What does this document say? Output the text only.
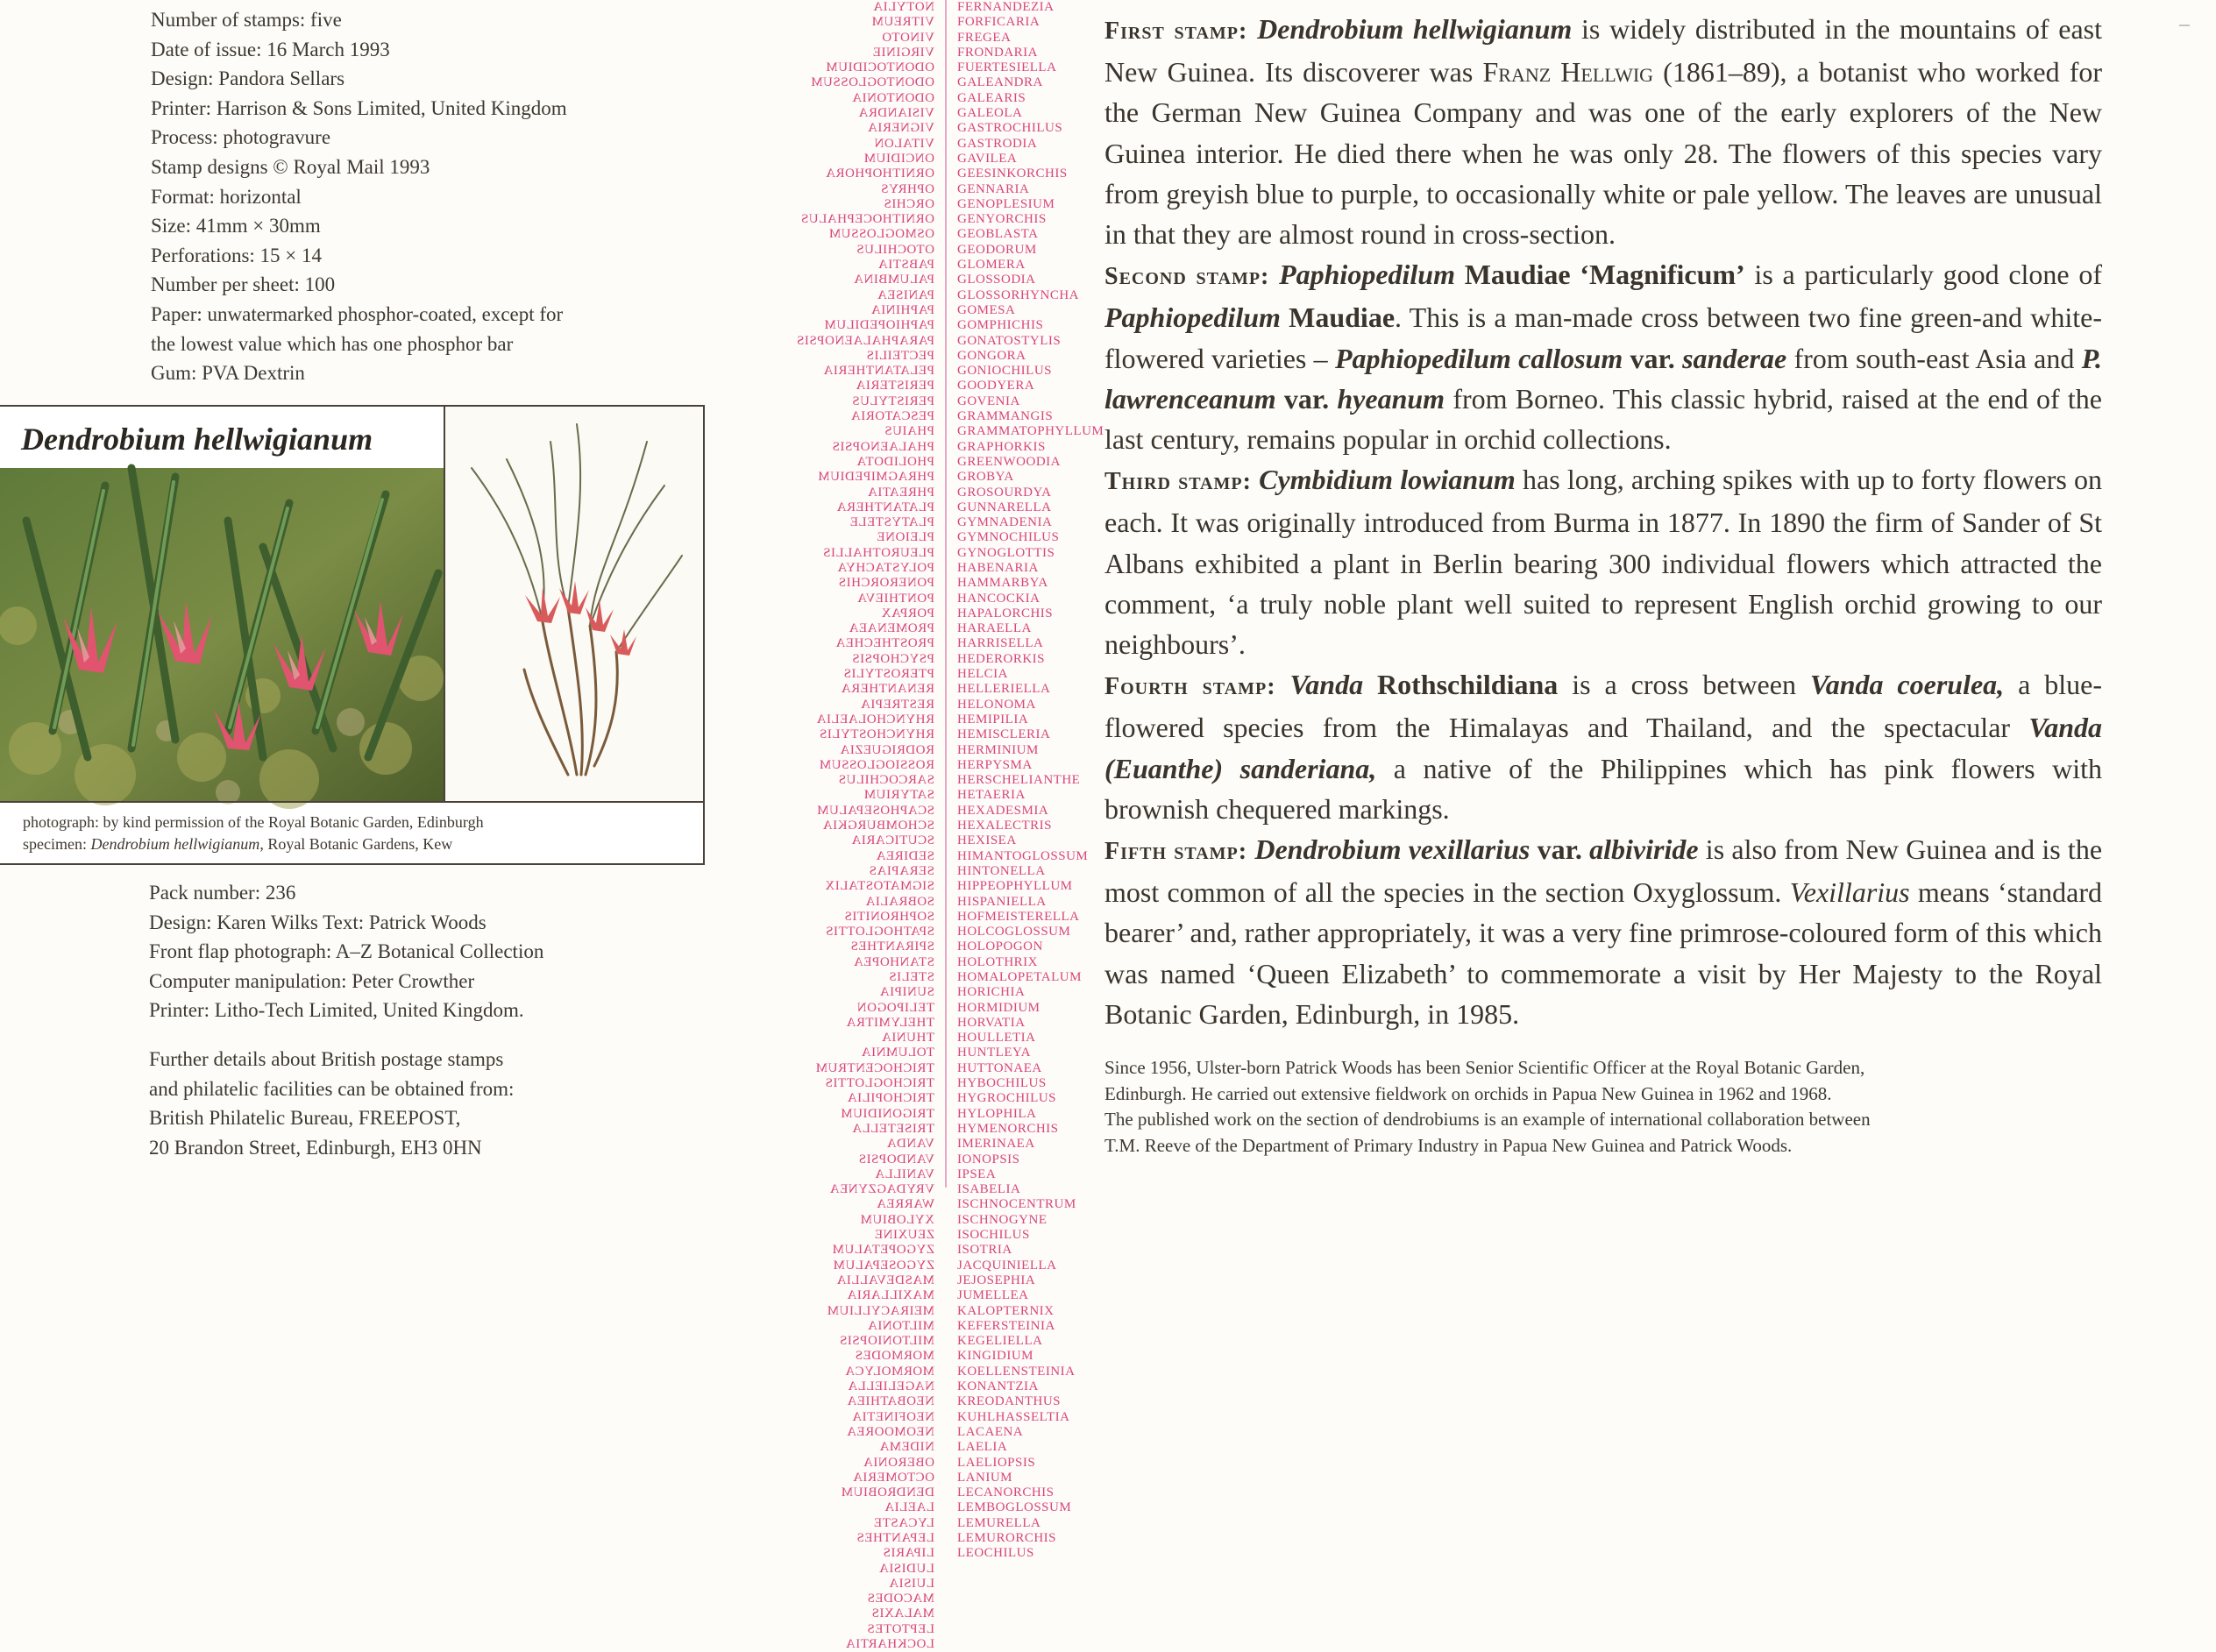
Number of stamps: five
Date of issue: 16 March 1993
Design: Pandora Sellars
Printer: Harrison & Sons Limited, United Kingdom
Process: photogravure
Stamp designs © Royal Mail 1993
Format: horizontal
Size: 41mm × 30mm
Perforations: 15 × 14
Number per sheet: 100
Paper: unwatermarked phosphor-coated, except for
the lowest value which has one phosphor bar
Gum: PVA Dextrin
Dendrobium hellwigianum
photograph: by kind permission of the Royal Botanic Garden, Edinburgh
specimen: Dendrobium hellwigianum, Royal Botanic Gardens, Kew
Pack number: 236
Design: Karen Wilks Text: Patrick Woods
Front flap photograph: A–Z Botanical Collection
Computer manipulation: Peter Crowther
Printer: Litho-Tech Limited, United Kingdom.
Further details about British postage stamps
and philatelic facilities can be obtained from:
British Philatelic Bureau, FREEPOST,
20 Brandon Street, Edinburgh, EH3 0HN
NOTYLIA
VITREUM
VINOTO
VIRGINIE
ODONTOCIDIUM
ODONTOGLOSSUM
ODONTONIA
VISIANDRA
VIGNERIA
VITALON
ONCIDIUM
ORNITHOPHORA
OPHRYS
ORCHIS
ORNITHOCEPHALUS
OSMOGLOSSUM
OTOCHILUS
PABSTIA
PALUMBINA
PANISEA
PAPHINIA
PAPHIOPEDILUM
PARAPHALAENOPSIS
PECTEILIS
PELATANTHERIA
PERISTERIA
PERISTYLUS
PESCATORIA
PHAIUS
PHALAENOPSIS
PHOLIDOTA
PHRAGMIPEDIUM
PHREATIA
PLATANTHERA
PLATYSTELE
PLEIONE
PLEUROTHALLIS
POLYSTACHYA
PONERORCHIS
PONTHIEVA
PORPAX
PROMENAEA
PROSTHECHEA
PSYCHOPSIS
PTEROSTYLIS
RENANTHERA
RESTREPIA
RHYNCHOLAELIA
RHYNCHOSTYLIS
RODRIGUEZIA
ROSSIOGLOSSUM
SARCOCHILUS
SATYRIUM
SCAPHOSEPALUM
SCHOMBURGKIA
SCUTICARIA
SEDIREA
SERAPIAS
SIGMATOSTALIX
SOBRALIA
SOPHRONITIS
SPATHOGLOTTIS
SPIRANTHES
STANHOPEA
STELIS
SUNIPIA
TELIPOGON
THELYMITRA
THUNIA
TOLUMNIA
TRICHOCENTRUM
TRICHOGLOTTIS
TRICHOPILIA
TRIGONIDIUM
TRISETELLA
VANDA
VANDOPSIS
VANILLA
VRYDAGZYNEA
WARREA
XYLOBIUM
ZEUXINE
ZYGOPETALUM
ZYGOSEPALUM
MASDEVALLIA
MAXILLARIA
MEIRACYLLIUM
MILTONIA
MILTONIOPSIS
MORMODES
MORMOLYCA
NAGELIELLA
NEOBATHIEA
NEOFINETIA
NEOMOOREA
NIDEMA
OBERONIA
OCTOMERIA
DENDROBIUM
LAELIA
LYCASTE
LEPANTHES
LIPARIS
LUDISIA
LUISIA
MACODES
MALAXIS
LEPTOTES
LOCKHARTIA
FERNANDEZIA
FORFICARIA
FREGEA
FRONDARIA
FUERTESIELLA
GALEANDRA
GALEARIS
GALEOLA
GASTROCHILUS
GASTRODIA
GAVILEA
GEESINKORCHIS
GENNARIA
GENOPLESIUM
GENYORCHIS
GEOBLASTA
GEODORUM
GLOMERA
GLOSSODIA
GLOSSORHYNCHA
GOMESA
GOMPHICHIS
GONATOSTYLIS
GONGORA
GONIOCHILUS
GOODYERA
GOVENIA
GRAMMANGIS
GRAMMATOPHYLLUM
GRAPHORKIS
GREENWOODIA
GROBYA
GROSOURDYA
GUNNARELLA
GYMNADENIA
GYMNOCHILUS
GYNOGLOTTIS
HABENARIA
HAMMARBYA
HANCOCKIA
HAPALORCHIS
HARAELLA
HARRISELLA
HEDERORKIS
HELCIA
HELLERIELLA
HELONOMA
HEMIPILIA
HEMISCLERIA
HERMINIUM
HERPYSMA
HERSCHELIANTHE
HETAERIA
HEXADESMIA
HEXALECTRIS
HEXISEA
HIMANTOGLOSSUM
HINTONELLA
HIPPEOPHYLLUM
HISPANIELLA
HOFMEISTERELLA
HOLCOGLOSSUM
HOLOPOGON
HOLOTHRIX
HOMALOPETALUM
HORICHIA
HORMIDIUM
HORVATIA
HOULLETIA
HUNTLEYA
HUTTONAEA
HYBOCHILUS
HYGROCHILUS
HYLOPHILA
HYMENORCHIS
IMERINAEA
IONOPSIS
IPSEA
ISABELIA
ISCHNOCENTRUM
ISCHNOGYNE
ISOCHILUS
ISOTRIA
JACQUINIELLA
JEJOSEPHIA
JUMELLEA
KALOPTERNIX
KEFERSTEINIA
KEGELIELLA
KINGIDIUM
KOELLENSTEINIA
KONANTZIA
KREODANTHUS
KUHLHASSELTIA
LACAENA
LAELIA
LAELIOPSIS
LANIUM
LECANORCHIS
LEMBOGLOSSUM
LEMURELLA
LEMURORCHIS
LEOCHILUS

First stamp: Dendrobium hellwigianum is widely distributed in the mountains of east New Guinea. Its discoverer was Franz Hellwig (1861–89), a botanist who worked for the German New Guinea Company and was one of the early explorers of the New Guinea interior. He died there when he was only 28. The flowers of this species vary from greyish blue to purple, to occasionally white or pale yellow. The leaves are unusual in that they are almost round in cross-section.

Second stamp: Paphiopedilum Maudiae ‘Magnificum’ is a particularly good clone of Paphiopedilum Maudiae. This is a man-made cross between two fine green-and white-flowered varieties – Paphiopedilum callosum var. sanderae from south-east Asia and P. lawrenceanum var. hyeanum from Borneo. This classic hybrid, raised at the end of the last century, remains popular in orchid collections.

Third stamp: Cymbidium lowianum has long, arching spikes with up to forty flowers on each. It was originally introduced from Burma in 1877. In 1890 the firm of Sander of St Albans exhibited a plant in Berlin bearing 300 individual flowers which attracted the comment, ‘a truly noble plant well suited to represent English orchid growing to our neighbours’.

Fourth stamp: Vanda Rothschildiana is a cross between Vanda coerulea, a blue-flowered species from the Himalayas and Thailand, and the spectacular Vanda (Euanthe) sanderiana, a native of the Philippines which has pink flowers with brownish chequered markings.

Fifth stamp: Dendrobium vexillarius var. albiviride is also from New Guinea and is the most common of all the species in the section Oxyglossum. Vexillarius means ‘standard bearer’ and, rather appropriately, it was a very fine primrose-coloured form of this which was named ‘Queen Elizabeth’ to commemorate a visit by Her Majesty to the Royal Botanic Garden, Edinburgh, in 1985.

Since 1956, Ulster-born Patrick Woods has been Senior Scientific Officer at the Royal Botanic Garden,
Edinburgh. He carried out extensive fieldwork on orchids in Papua New Guinea in 1962 and 1968.
The published work on the section of dendrobiums is an example of international collaboration between
T.M. Reeve of the Department of Primary Industry in Papua New Guinea and Patrick Woods.
